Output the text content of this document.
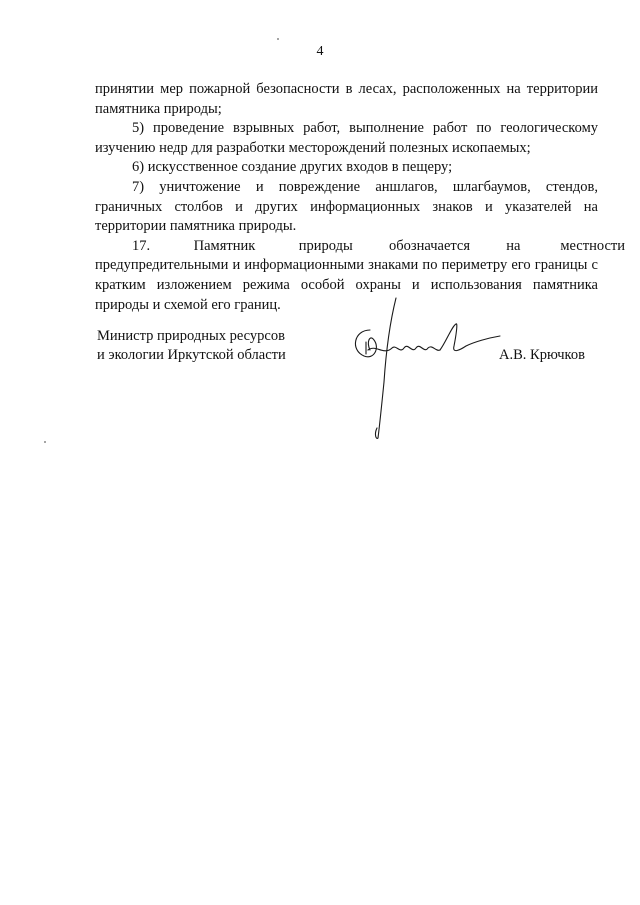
4

принятии мер пожарной безопасности в лесах, расположенных на территории памятника природы;

5) проведение взрывных работ, выполнение работ по геологическому изучению недр для разработки месторождений полезных ископаемых;

6) искусственное создание других входов в пещеру;

7) уничтожение и повреждение аншлагов, шлагбаумов, стендов, граничных столбов и других информационных знаков и указателей на территории памятника природы.

17.            Памятник            природы          обозначается          на           местности предупредительными и информационными знаками по периметру его границы с кратким изложением режима особой охраны и использования памятника природы и схемой его границ.

Министр природных ресурсов
и экологии Иркутской области	А.В. Крючков
